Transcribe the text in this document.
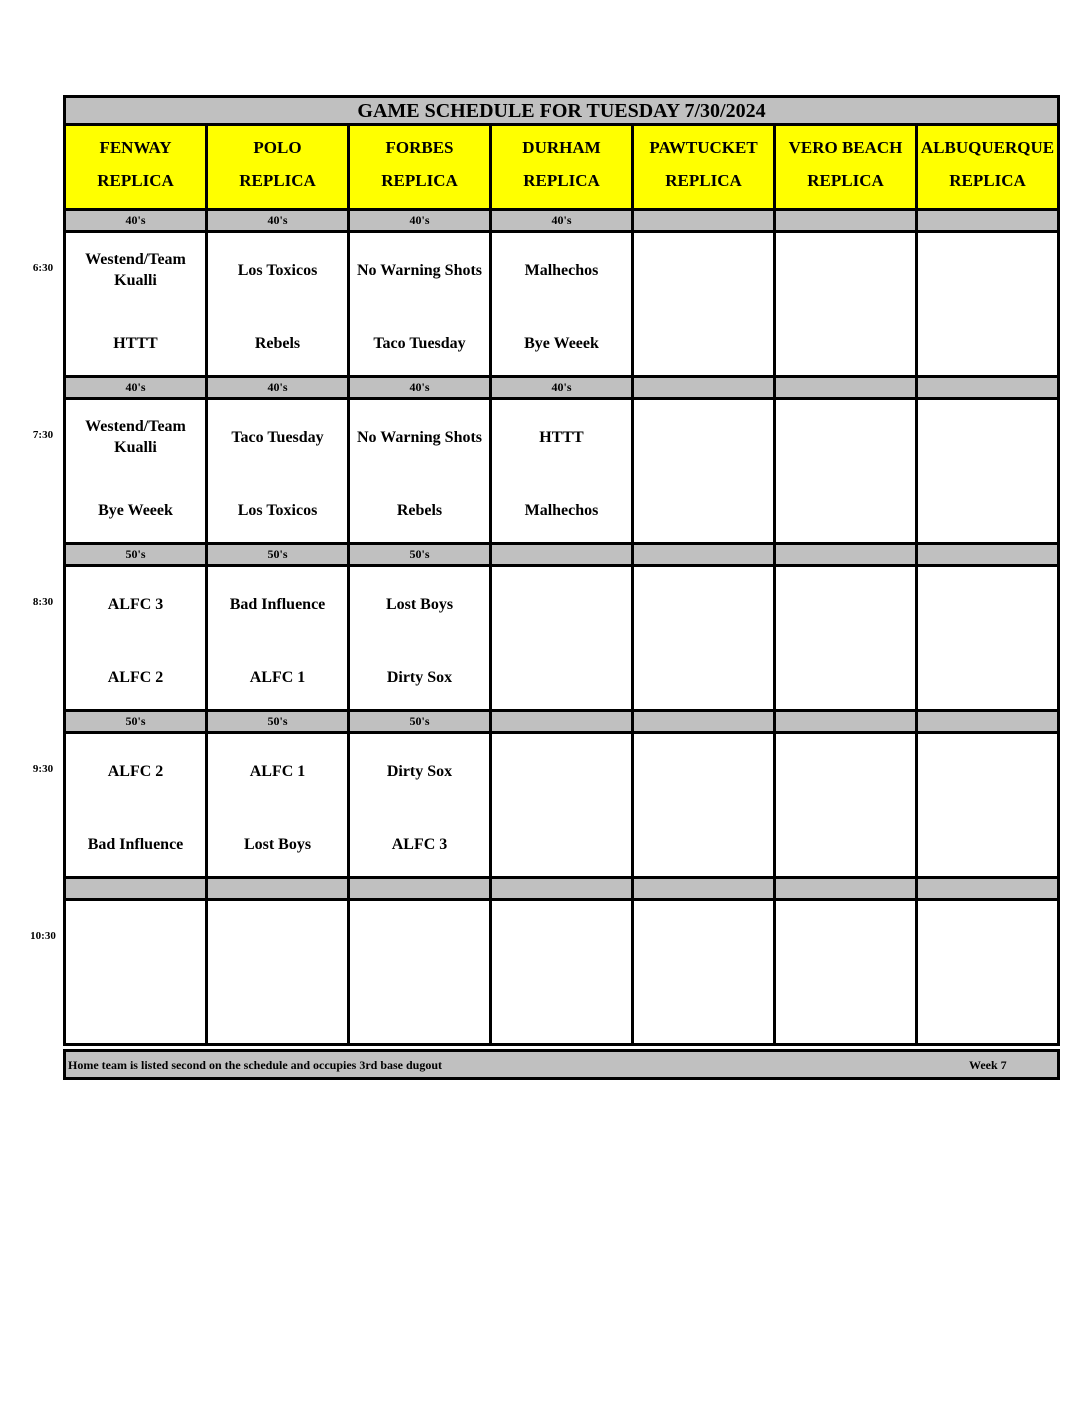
GAME SCHEDULE FOR TUESDAY 7/30/2024
Home team is listed second on the schedule and occupies 3rd base dugout	Week 7
FENWAY
REPLICA
POLO
REPLICA
FORBES
REPLICA
DURHAM
REPLICA
PAWTUCKET
REPLICA
VERO BEACH
REPLICA
ALBUQUERQUE
REPLICA
40's
Westend/Team Kualli
HTTT
40's
Los Toxicos
Rebels
40's
No Warning Shots
Taco Tuesday
40's
Malhechos
Bye Weeek
40's
Westend/Team Kualli
Bye Weeek
40's
Taco Tuesday
Los Toxicos
40's
No Warning Shots
Rebels
40's
HTTT
Malhechos
50's
ALFC 3
ALFC 2
50's
Bad Influence
ALFC 1
50's
Lost Boys
Dirty Sox
50's
ALFC 2
Bad Influence
50's
ALFC 1
Lost Boys
50's
Dirty Sox
ALFC 3
6:30
7:30
8:30
9:30
10:30
